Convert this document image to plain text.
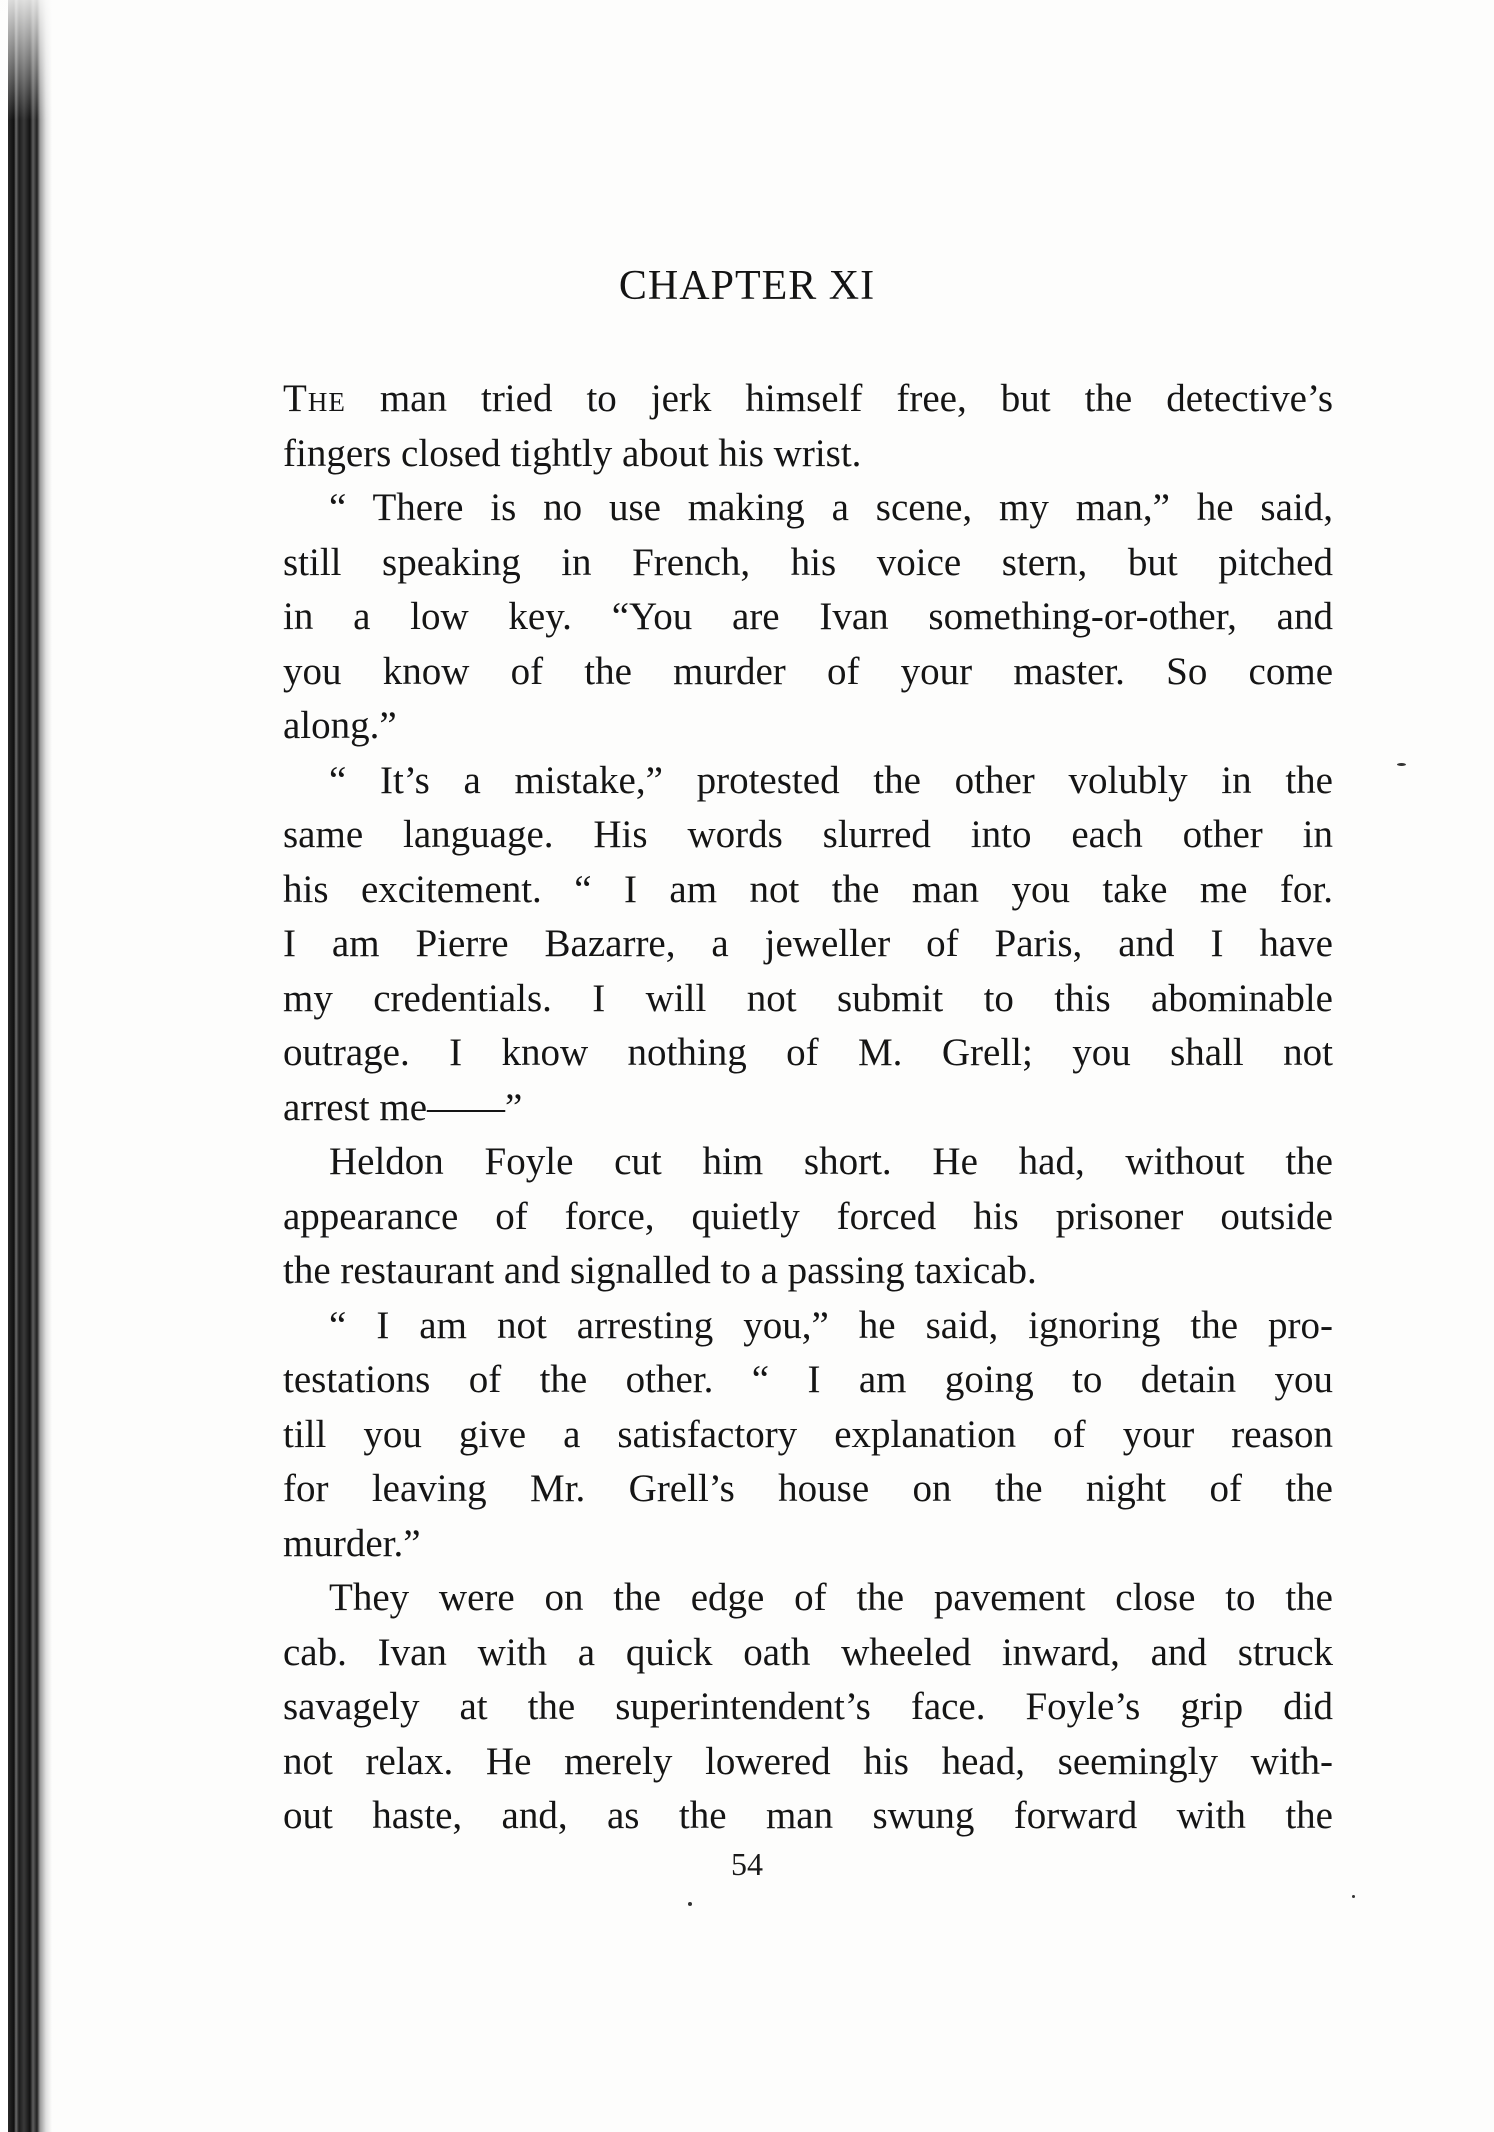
CHAPTER XI
The man tried to jerk himself free, but the detective’s
fingers closed tightly about his wrist.
“ There is no use making a scene, my man,” he said,
still speaking in French, his voice stern, but pitched
in a low key. “You are Ivan something-or-other, and
you know of the murder of your master. So come
along.”
“ It’s a mistake,” protested the other volubly in the
same language. His words slurred into each other in
his excitement. “ I am not the man you take me for.
I am Pierre Bazarre, a jeweller of Paris, and I have
my credentials. I will not submit to this abominable
outrage. I know nothing of M. Grell; you shall not
arrest me——”
Heldon Foyle cut him short. He had, without the
appearance of force, quietly forced his prisoner outside
the restaurant and signalled to a passing taxicab.
“ I am not arresting you,” he said, ignoring the pro-
testations of the other. “ I am going to detain you
till you give a satisfactory explanation of your reason
for leaving Mr. Grell’s house on the night of the
murder.”
They were on the edge of the pavement close to the
cab. Ivan with a quick oath wheeled inward, and struck
savagely at the superintendent’s face. Foyle’s grip did
not relax. He merely lowered his head, seemingly with-
out haste, and, as the man swung forward with the

54
